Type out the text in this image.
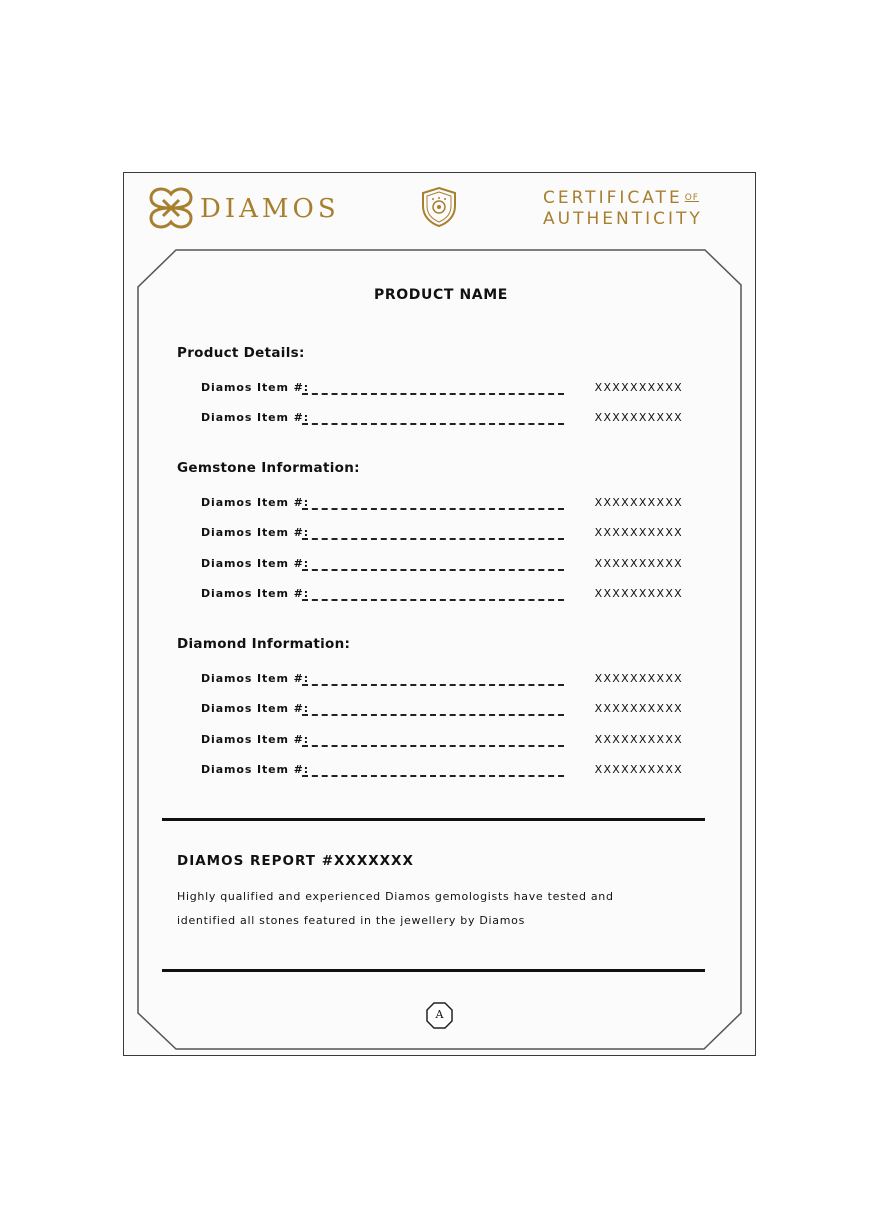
DIAMOS	CERTIFICATE $^{OF}$
AUTHENTICITY
PRODUCT NAME
Product Details:
Diamos Item #:	XXXXXXXXXX
Diamos Item #:	XXXXXXXXXX
Gemstone Information:
Diamos Item #:	XXXXXXXXXX
Diamos Item #:	XXXXXXXXXX
Diamos Item #:	XXXXXXXXXX
Diamos Item #:	XXXXXXXXXX
Diamond Information:
Diamos Item #:	XXXXXXXXXX
Diamos Item #:	XXXXXXXXXX
Diamos Item #:	XXXXXXXXXX
Diamos Item #:	XXXXXXXXXX
DIAMOS REPORT #XXXXXXX
Highly qualified and experienced Diamos gemologists have tested and
identified all stones featured in the jewellery by Diamos
A
